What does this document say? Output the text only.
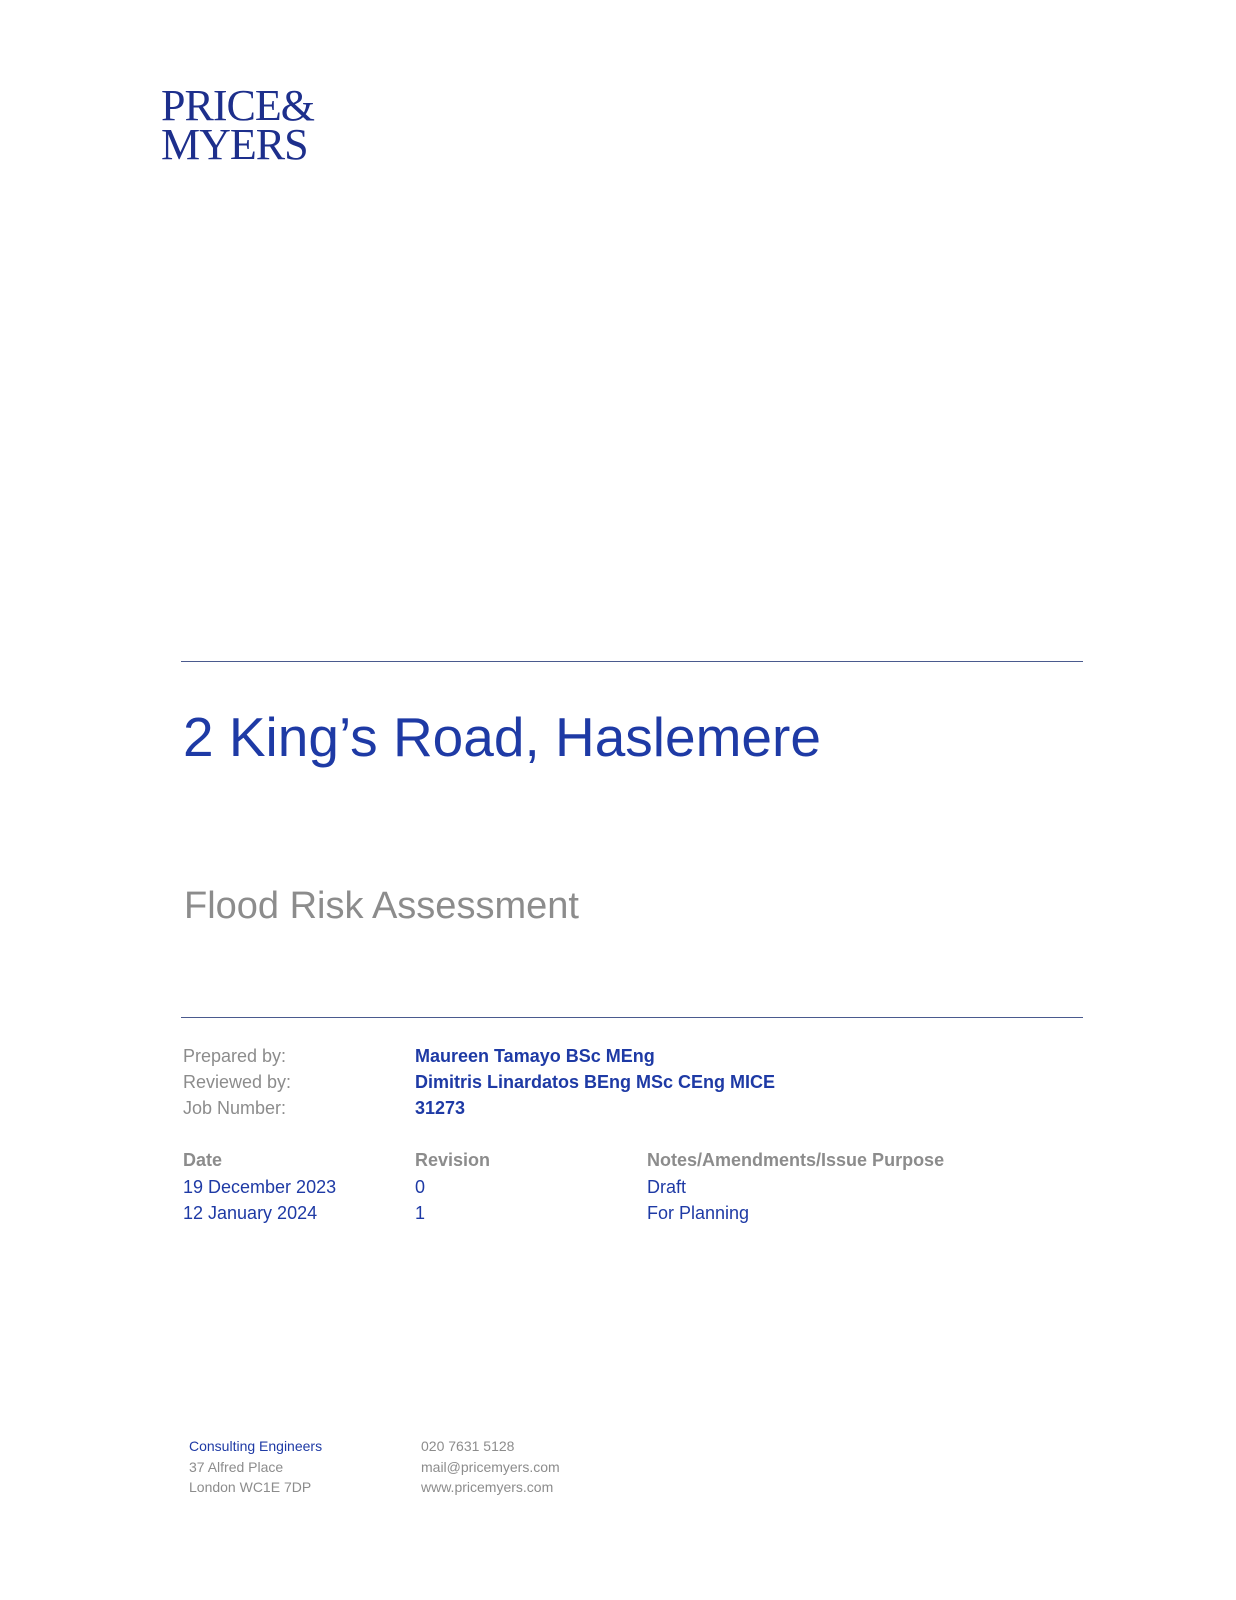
PRICE&
MYERS
2 King’s Road, Haslemere
Flood Risk Assessment
Prepared by:	Maureen Tamayo BSc MEng
Reviewed by:	Dimitris Linardatos BEng MSc CEng MICE
Job Number:	31273
Date	Revision	Notes/Amendments/Issue Purpose
19 December 2023	0	Draft
12 January 2024	1	For Planning
Consulting Engineers
37 Alfred Place
London WC1E 7DP
020 7631 5128
mail@pricemyers.com
www.pricemyers.com
